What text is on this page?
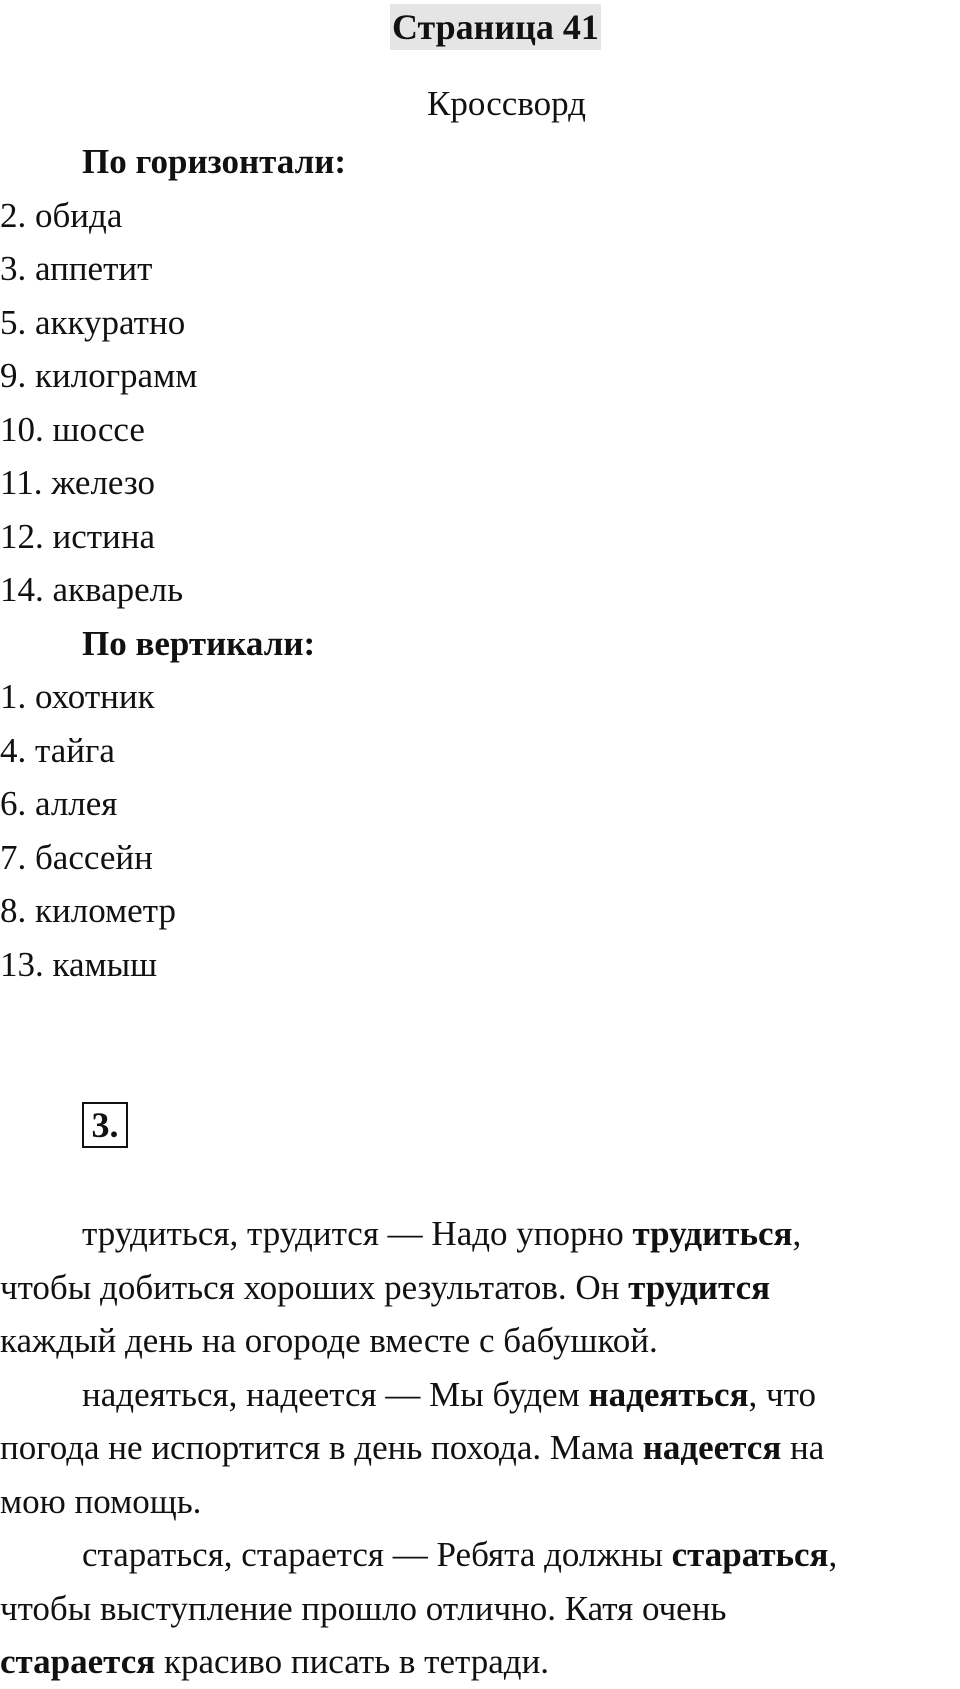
Страница 41
Кроссворд
По горизонтали:
2. обида
3. аппетит
5. аккуратно
9. килограмм
10. шоссе
11. железо
12. истина
14. акварель
По вертикали:
1. охотник
4. тайга
6. аллея
7. бассейн
8. километр
13. камыш
3.

трудиться, трудится — Надо упорно трудиться,
чтобы добиться хороших результатов. Он трудится
каждый день на огороде вместе с бабушкой.

надеяться, надеется — Мы будем надеяться, что
погода не испортится в день похода. Мама надеется на
мою помощь.

стараться, старается — Ребята должны стараться,
чтобы выступление прошло отлично. Катя очень
старается красиво писать в тетради.
